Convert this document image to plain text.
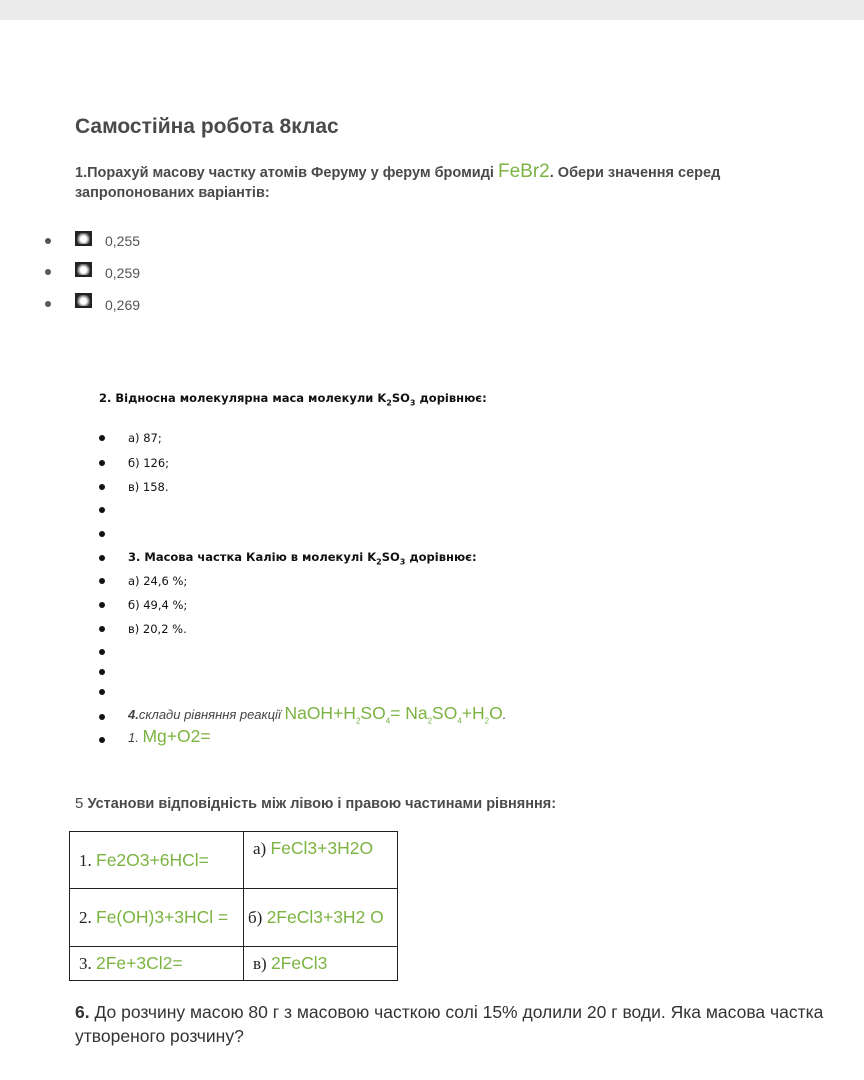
Самостійна робота 8клас
1.Порахуй масову частку атомів Феруму у ферум бромиді FeBr2. Обери значення серед запропонованих варіантів:
0,255
0,259
0,269
2. Відносна молекулярна маса молекули $K_2SO_3$ дорівнює:
а) 87;
б) 126;
в) 158.
3. Масова частка Калію в молекулі $K_2SO_3$ дорівнює:
а) 24,6 %;
б) 49,4 %;
в) 20,2 %.
4.склади рівняння реакції $NaOH+H_2SO_4= Na_2SO_4+H_2O$.
1. Mg+O2=
5 Установи відповідність між лівою і правою частинами рівняння:
1. Fe2O3+6HCl=	а) FeCl3+3H2O

2. Fe(OH)3+3HCl =	б) 2FeCl3+3H2 O

3. 2Fe+3Cl2=	в) 2FeCl3
6. До розчину масою 80 г з масовою часткою солі 15% долили 20 г води. Яка масова частка утвореного розчину?
